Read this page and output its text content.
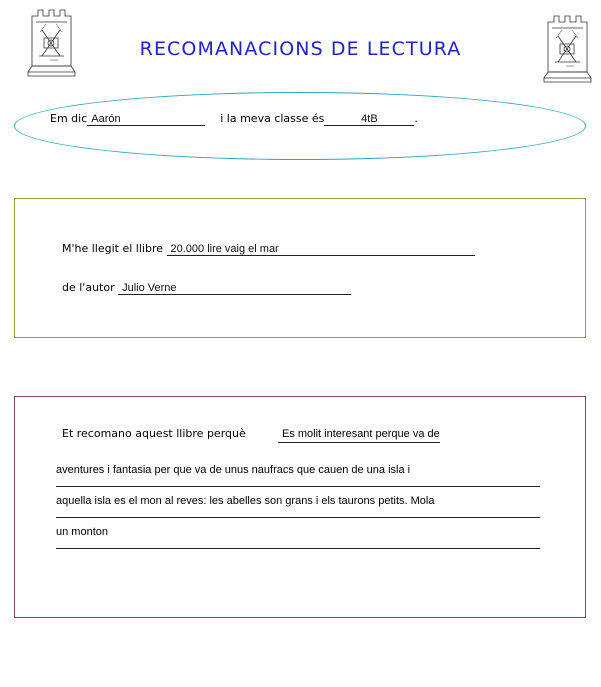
RECOMANACIONS DE LECTURA
Em dic Aarón	i la meva classe és	4tB	.
M'he llegit el llibre 20.000 lire vaig el mar
de l'autor Julio Verne
Et recomano aquest llibre perquè	Es molit interesant perque va de
aventures i fantasia per que va de unus naufracs que cauen de una isla i
aquella isla es el mon al reves: les abelles son grans i els taurons petits. Mola
un monton
